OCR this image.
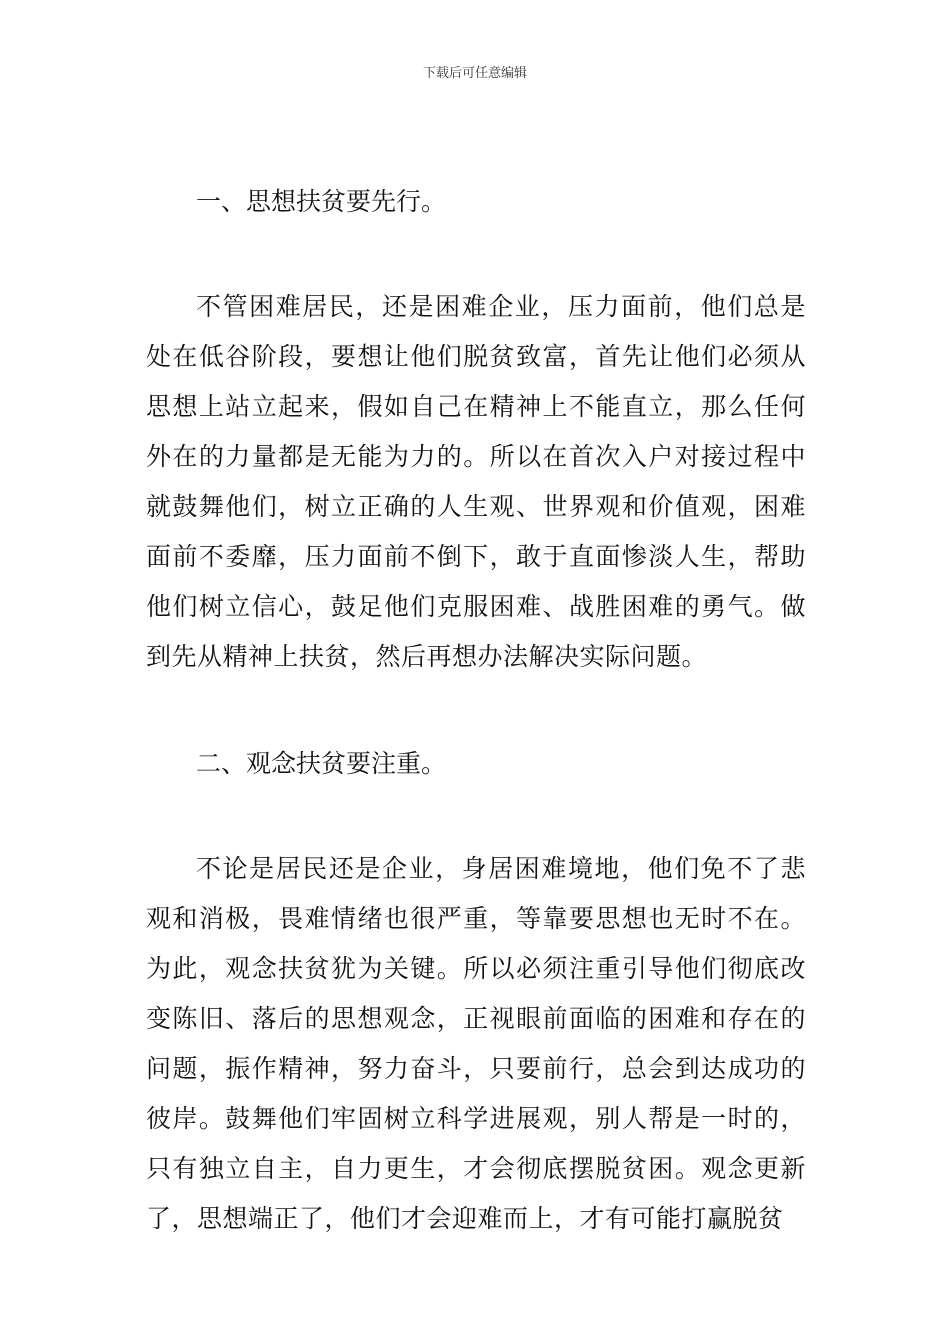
下载后可任意编辑
一、思想扶贫要先行。

不管困难居民，还是困难企业，压力面前，他们总是处在低谷阶段，要想让他们脱贫致富，首先让他们必须从思想上站立起来，假如自己在精神上不能直立，那么任何外在的力量都是无能为力的。所以在首次入户对接过程中就鼓舞他们，树立正确的人生观、世界观和价值观，困难面前不委靡，压力面前不倒下，敢于直面惨淡人生，帮助他们树立信心，鼓足他们克服困难、战胜困难的勇气。做到先从精神上扶贫，然后再想办法解决实际问题。

二、观念扶贫要注重。

不论是居民还是企业，身居困难境地，他们免不了悲观和消极，畏难情绪也很严重，等靠要思想也无时不在。为此，观念扶贫犹为关键。所以必须注重引导他们彻底改变陈旧、落后的思想观念，正视眼前面临的困难和存在的问题，振作精神，努力奋斗，只要前行，总会到达成功的彼岸。鼓舞他们牢固树立科学进展观，别人帮是一时的，只有独立自主，自力更生，才会彻底摆脱贫困。观念更新了，思想端正了，他们才会迎难而上，才有可能打赢脱贫
